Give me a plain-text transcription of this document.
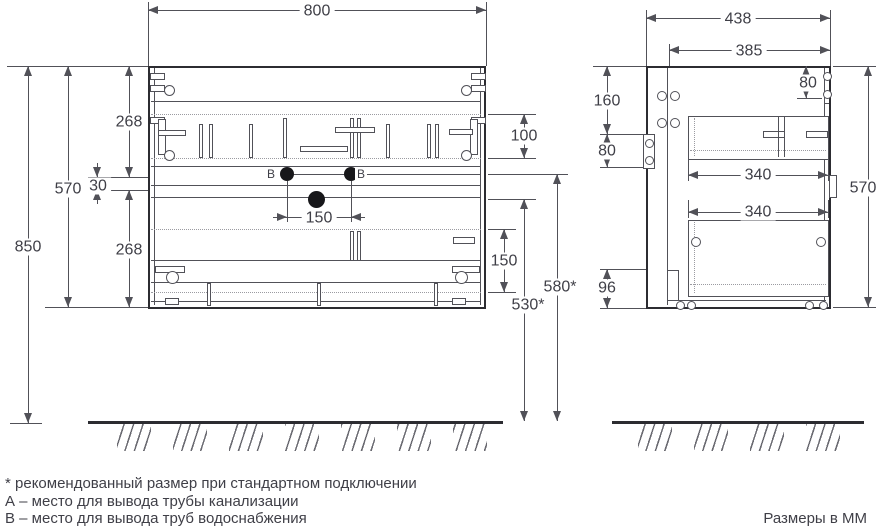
800	438
385
B	B
150
850
570
268
30
268
100
150
530*
580*
340
340
160
80
80
96
570
* рекомендованный размер при стандартном подключении
А – место для вывода трубы канализации
В – место для вывода труб водоснабжения	Размеры в ММ
